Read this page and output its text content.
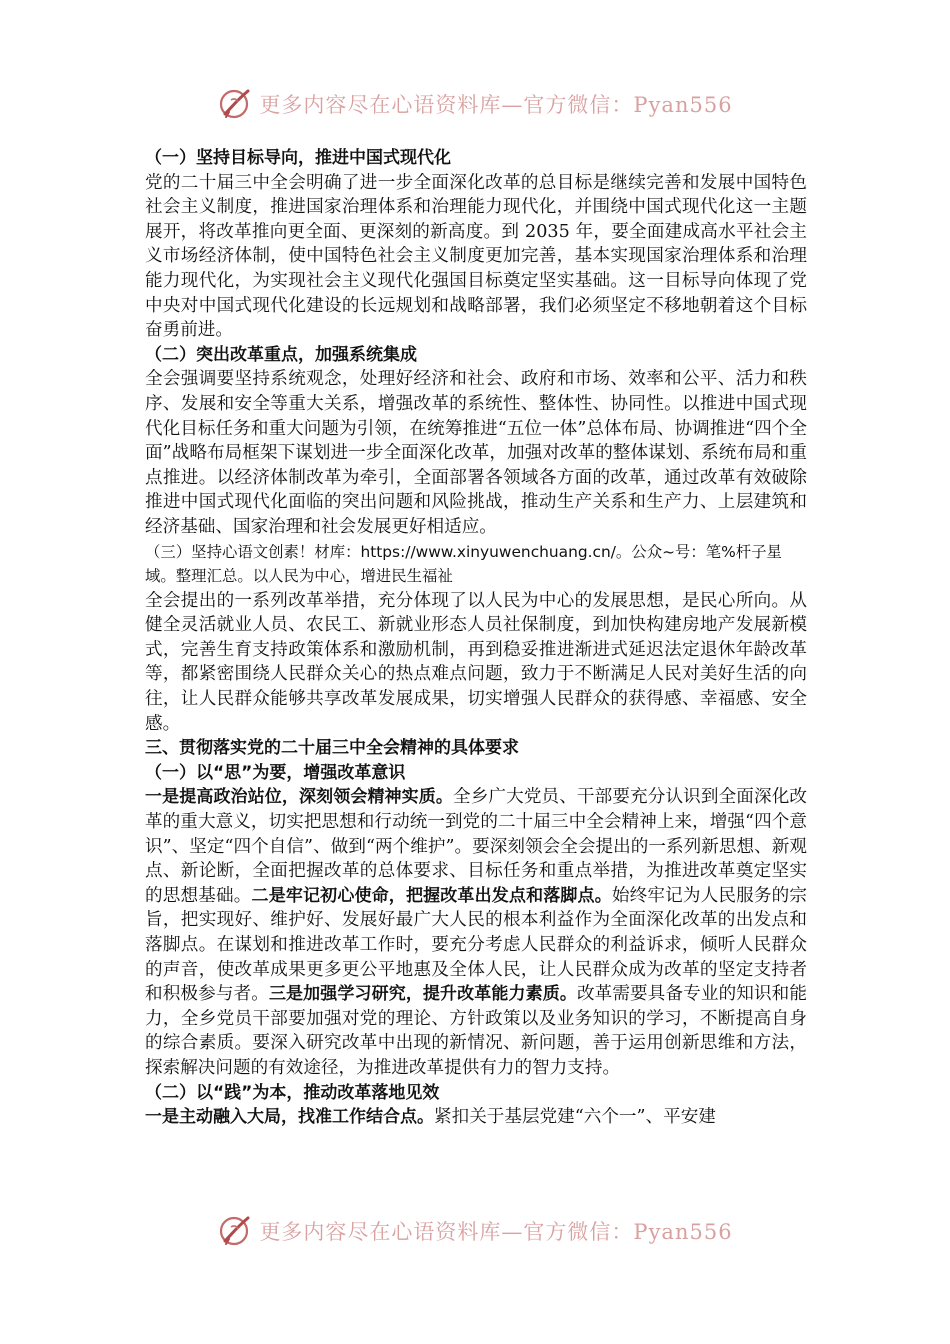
更多内容尽在心语资料库—官方微信：Pyan556

（一）坚持目标导向，推进中国式现代化

党的二十届三中全会明确了进一步全面深化改革的总目标是继续完善和发展中国特色社会主义制度，推进国家治理体系和治理能力现代化，并围绕中国式现代化这一主题展开，将改革推向更全面、更深刻的新高度。到 2035 年，要全面建成高水平社会主义市场经济体制，使中国特色社会主义制度更加完善，基本实现国家治理体系和治理能力现代化，为实现社会主义现代化强国目标奠定坚实基础。这一目标导向体现了党中央对中国式现代化建设的长远规划和战略部署，我们必须坚定不移地朝着这个目标奋勇前进。

（二）突出改革重点，加强系统集成

全会强调要坚持系统观念，处理好经济和社会、政府和市场、效率和公平、活力和秩序、发展和安全等重大关系，增强改革的系统性、整体性、协同性。以推进中国式现代化目标任务和重大问题为引领，在统筹推进“五位一体”总体布局、协调推进“四个全面”战略布局框架下谋划进一步全面深化改革，加强对改革的整体谋划、系统布局和重点推进。以经济体制改革为牵引，全面部署各领域各方面的改革，通过改革有效破除推进中国式现代化面临的突出问题和风险挑战，推动生产关系和生产力、上层建筑和经济基础、国家治理和社会发展更好相适应。

（三）坚持心语文创素！材库：https://www.xinyuwenchuang.cn/。公众~号：笔%杆子星域。整理汇总。以人民为中心，增进民生福祉

全会提出的一系列改革举措，充分体现了以人民为中心的发展思想，是民心所向。从健全灵活就业人员、农民工、新就业形态人员社保制度，到加快构建房地产发展新模式，完善生育支持政策体系和激励机制，再到稳妥推进渐进式延迟法定退休年龄改革等，都紧密围绕人民群众关心的热点难点问题，致力于不断满足人民对美好生活的向往，让人民群众能够共享改革发展成果，切实增强人民群众的获得感、幸福感、安全感。

三、贯彻落实党的二十届三中全会精神的具体要求

（一）以“思”为要，增强改革意识

一是提高政治站位，深刻领会精神实质。全乡广大党员、干部要充分认识到全面深化改革的重大意义，切实把思想和行动统一到党的二十届三中全会精神上来，增强“四个意识”、坚定“四个自信”、做到“两个维护”。要深刻领会全会提出的一系列新思想、新观点、新论断，全面把握改革的总体要求、目标任务和重点举措，为推进改革奠定坚实的思想基础。二是牢记初心使命，把握改革出发点和落脚点。始终牢记为人民服务的宗旨，把实现好、维护好、发展好最广大人民的根本利益作为全面深化改革的出发点和落脚点。在谋划和推进改革工作时，要充分考虑人民群众的利益诉求，倾听人民群众的声音，使改革成果更多更公平地惠及全体人民，让人民群众成为改革的坚定支持者和积极参与者。三是加强学习研究，提升改革能力素质。改革需要具备专业的知识和能力，全乡党员干部要加强对党的理论、方针政策以及业务知识的学习，不断提高自身的综合素质。要深入研究改革中出现的新情况、新问题，善于运用创新思维和方法，探索解决问题的有效途径，为推进改革提供有力的智力支持。

（二）以“践”为本，推动改革落地见效

一是主动融入大局，找准工作结合点。紧扣关于基层党建“六个一”、平安建

更多内容尽在心语资料库—官方微信：Pyan556
